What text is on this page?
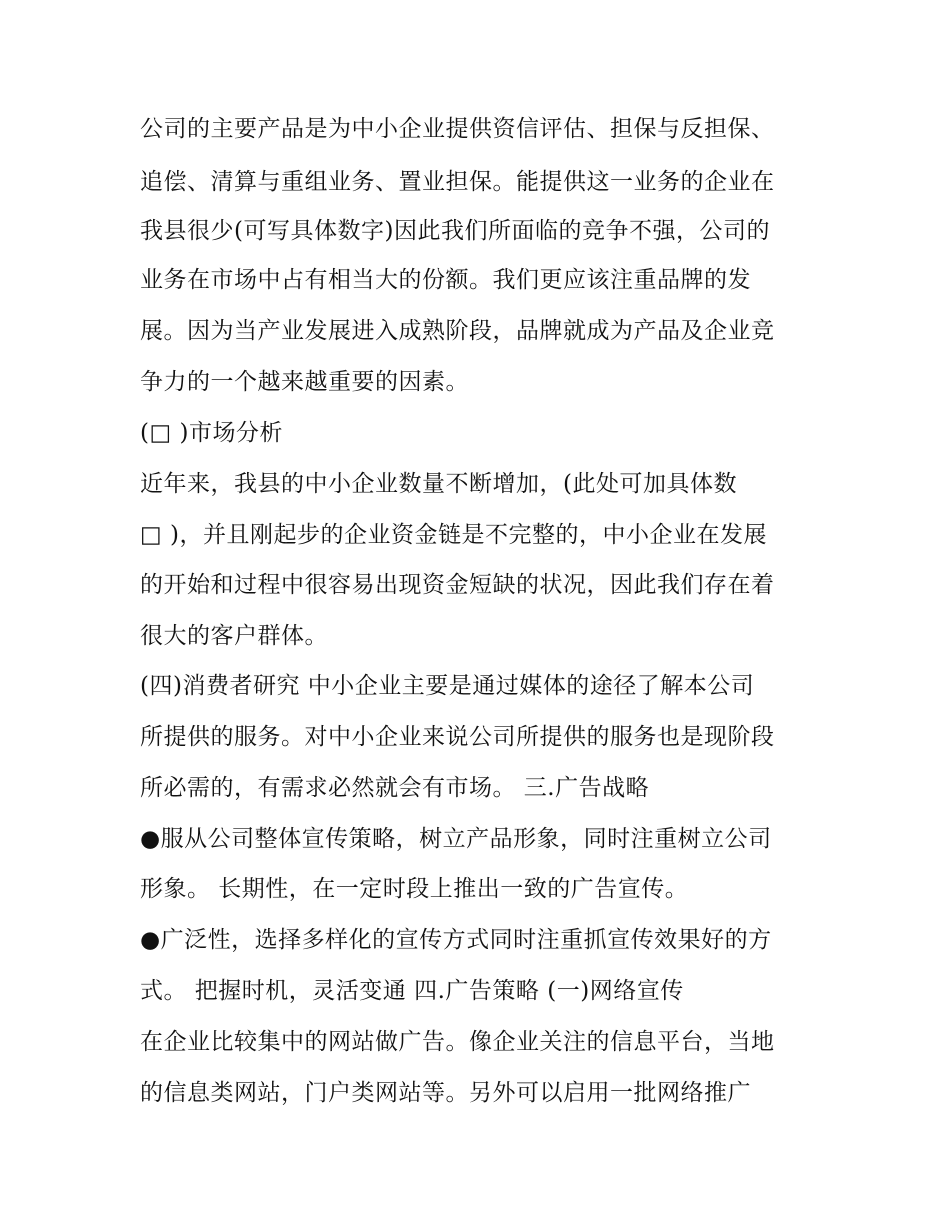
公司的主要产品是为中小企业提供资信评估、担保与反担保、
追偿、清算与重组业务、置业担保。能提供这一业务的企业在
我县很少(可写具体数字)因此我们所面临的竞争不强，公司的
业务在市场中占有相当大的份额。我们更应该注重品牌的发
展。因为当产业发展进入成熟阶段，品牌就成为产品及企业竞
争力的一个越来越重要的因素。
(□ )市场分析
近年来，我县的中小企业数量不断增加，(此处可加具体数
□ )，并且刚起步的企业资金链是不完整的，中小企业在发展
的开始和过程中很容易出现资金短缺的状况，因此我们存在着
很大的客户群体。
(四)消费者研究 中小企业主要是通过媒体的途径了解本公司
所提供的服务。对中小企业来说公司所提供的服务也是现阶段
所必需的，有需求必然就会有市场。 三.广告战略
●服从公司整体宣传策略，树立产品形象，同时注重树立公司
形象。 长期性，在一定时段上推出一致的广告宣传。
●广泛性，选择多样化的宣传方式同时注重抓宣传效果好的方
式。 把握时机，灵活变通 四.广告策略 (一)网络宣传
在企业比较集中的网站做广告。像企业关注的信息平台，当地
的信息类网站，门户类网站等。另外可以启用一批网络推广
